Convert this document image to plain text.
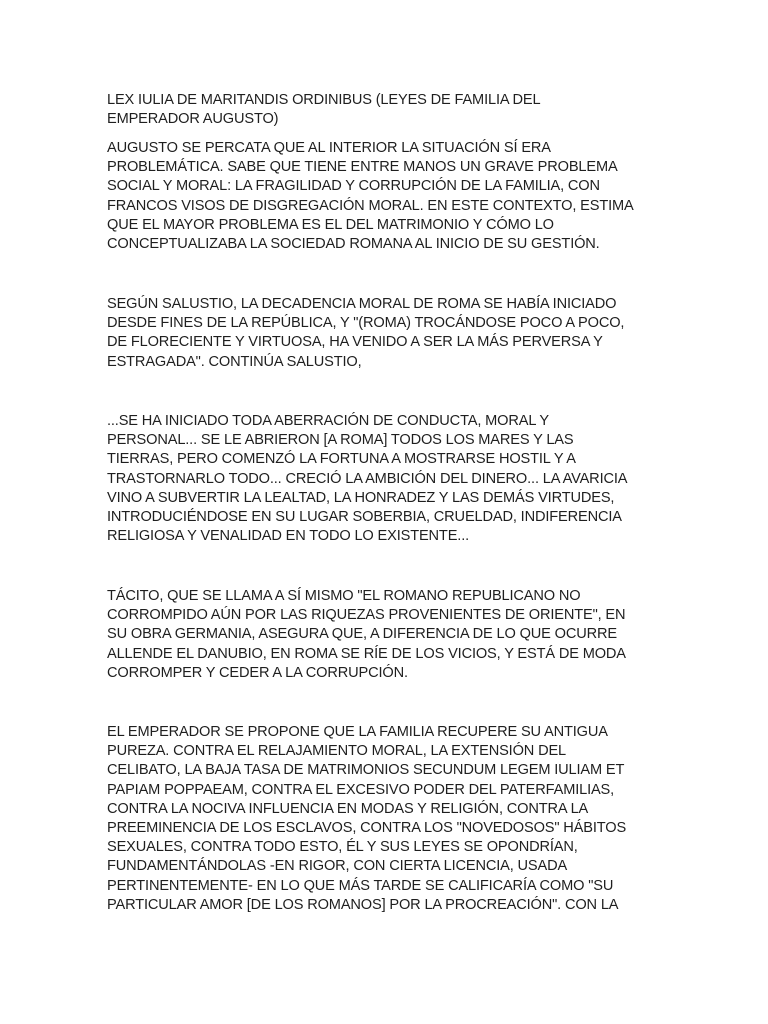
LEX IULIA DE MARITANDIS ORDINIBUS (LEYES DE FAMILIA DEL
EMPERADOR AUGUSTO)
AUGUSTO SE PERCATA QUE AL INTERIOR LA SITUACIÓN SÍ ERA
PROBLEMÁTICA. SABE QUE TIENE ENTRE MANOS UN GRAVE PROBLEMA
SOCIAL Y MORAL: LA FRAGILIDAD Y CORRUPCIÓN DE LA FAMILIA, CON
FRANCOS VISOS DE DISGREGACIÓN MORAL. EN ESTE CONTEXTO, ESTIMA
QUE EL MAYOR PROBLEMA ES EL DEL MATRIMONIO Y CÓMO LO
CONCEPTUALIZABA LA SOCIEDAD ROMANA AL INICIO DE SU GESTIÓN.
SEGÚN SALUSTIO, LA DECADENCIA MORAL DE ROMA SE HABÍA INICIADO
DESDE FINES DE LA REPÚBLICA, Y "(ROMA) TROCÁNDOSE POCO A POCO,
DE FLORECIENTE Y VIRTUOSA, HA VENIDO A SER LA MÁS PERVERSA Y
ESTRAGADA". CONTINÚA SALUSTIO,
...SE HA INICIADO TODA ABERRACIÓN DE CONDUCTA, MORAL Y
PERSONAL... SE LE ABRIERON [A ROMA] TODOS LOS MARES Y LAS
TIERRAS, PERO COMENZÓ LA FORTUNA A MOSTRARSE HOSTIL Y A
TRASTORNARLO TODO... CRECIÓ LA AMBICIÓN DEL DINERO... LA AVARICIA
VINO A SUBVERTIR LA LEALTAD, LA HONRADEZ Y LAS DEMÁS VIRTUDES,
INTRODUCIÉNDOSE EN SU LUGAR SOBERBIA, CRUELDAD, INDIFERENCIA
RELIGIOSA Y VENALIDAD EN TODO LO EXISTENTE...
TÁCITO, QUE SE LLAMA A SÍ MISMO "EL ROMANO REPUBLICANO NO
CORROMPIDO AÚN POR LAS RIQUEZAS PROVENIENTES DE ORIENTE", EN
SU OBRA GERMANIA, ASEGURA QUE, A DIFERENCIA DE LO QUE OCURRE
ALLENDE EL DANUBIO, EN ROMA SE RÍE DE LOS VICIOS, Y ESTÁ DE MODA
CORROMPER Y CEDER A LA CORRUPCIÓN.
EL EMPERADOR SE PROPONE QUE LA FAMILIA RECUPERE SU ANTIGUA
PUREZA. CONTRA EL RELAJAMIENTO MORAL, LA EXTENSIÓN DEL
CELIBATO, LA BAJA TASA DE MATRIMONIOS SECUNDUM LEGEM IULIAM ET
PAPIAM POPPAEAM, CONTRA EL EXCESIVO PODER DEL PATERFAMILIAS,
CONTRA LA NOCIVA INFLUENCIA EN MODAS Y RELIGIÓN, CONTRA LA
PREEMINENCIA DE LOS ESCLAVOS, CONTRA LOS "NOVEDOSOS" HÁBITOS
SEXUALES, CONTRA TODO ESTO, ÉL Y SUS LEYES SE OPONDRÍAN,
FUNDAMENTÁNDOLAS -EN RIGOR, CON CIERTA LICENCIA, USADA
PERTINENTEMENTE- EN LO QUE MÁS TARDE SE CALIFICARÍA COMO "SU
PARTICULAR AMOR [DE LOS ROMANOS] POR LA PROCREACIÓN". CON LA
